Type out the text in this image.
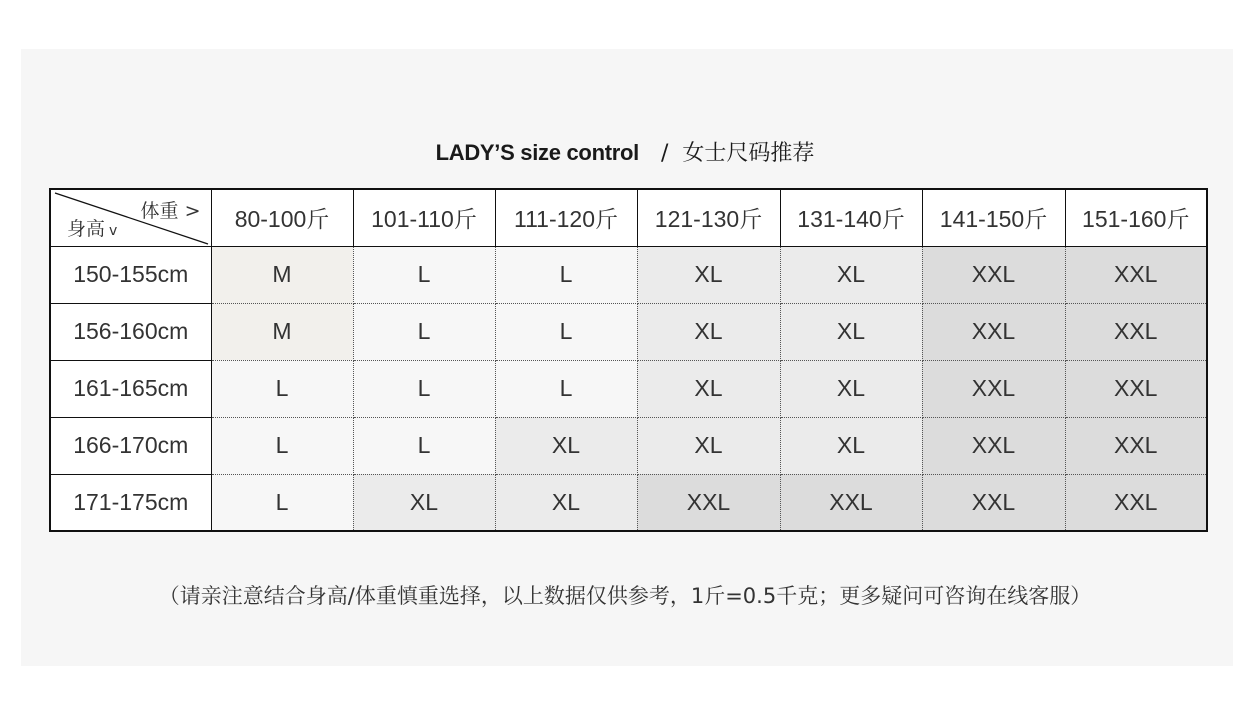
LADY’S size control / 女士尺码推荐
体重 >
身高 v	80-100斤	101-110斤	111-120斤	121-130斤	131-140斤	141-150斤	151-160斤
150-155cm	M	L	L	XL	XL	XXL	XXL
156-160cm	M	L	L	XL	XL	XXL	XXL
161-165cm	L	L	L	XL	XL	XXL	XXL
166-170cm	L	L	XL	XL	XL	XXL	XXL
171-175cm	L	XL	XL	XXL	XXL	XXL	XXL
（请亲注意结合身高/体重慎重选择，以上数据仅供参考，1斤=0.5千克；更多疑问可咨询在线客服）
